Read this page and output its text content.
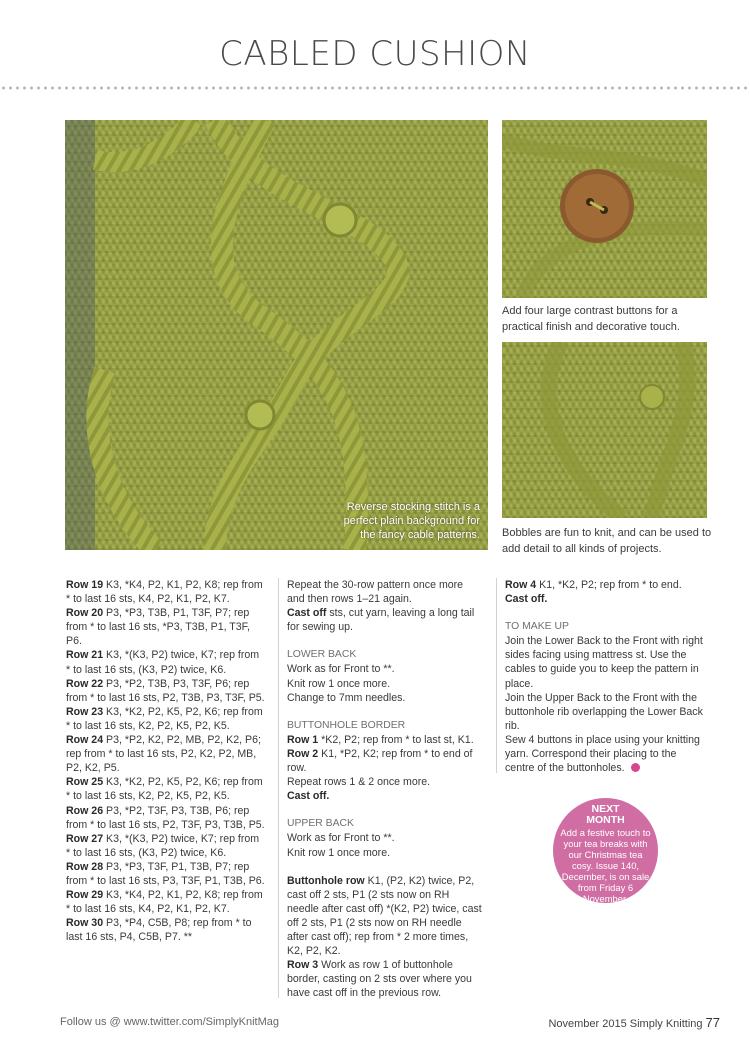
CABLED CUSHION
Reverse stocking stitch is a perfect plain background for the fancy cable patterns.
Add four large contrast buttons for a practical finish and decorative touch.
Bobbles are fun to knit, and can be used to add detail to all kinds of projects.

Row 19 K3, *K4, P2, K1, P2, K8; rep from * to last 16 sts, K4, P2, K1, P2, K7.

Row 20 P3, *P3, T3B, P1, T3F, P7; rep from * to last 16 sts, *P3, T3B, P1, T3F, P6.

Row 21 K3, *(K3, P2) twice, K7; rep from * to last 16 sts, (K3, P2) twice, K6.

Row 22 P3, *P2, T3B, P3, T3F, P6; rep from * to last 16 sts, P2, T3B, P3, T3F, P5.

Row 23 K3, *K2, P2, K5, P2, K6; rep from * to last 16 sts, K2, P2, K5, P2, K5.

Row 24 P3, *P2, K2, P2, MB, P2, K2, P6; rep from * to last 16 sts, P2, K2, P2, MB, P2, K2, P5.

Row 25 K3, *K2, P2, K5, P2, K6; rep from * to last 16 sts, K2, P2, K5, P2, K5.

Row 26 P3, *P2, T3F, P3, T3B, P6; rep from * to last 16 sts, P2, T3F, P3, T3B, P5.

Row 27 K3, *(K3, P2) twice, K7; rep from * to last 16 sts, (K3, P2) twice, K6.

Row 28 P3, *P3, T3F, P1, T3B, P7; rep from * to last 16 sts, P3, T3F, P1, T3B, P6.

Row 29 K3, *K4, P2, K1, P2, K8; rep from * to last 16 sts, K4, P2, K1, P2, K7.

Row 30 P3, *P4, C5B, P8; rep from * to last 16 sts, P4, C5B, P7. **

Repeat the 30-row pattern once more and then rows 1–21 again.

Cast off sts, cut yarn, leaving a long tail for sewing up.

LOWER BACK

Work as for Front to **.

Knit row 1 once more.

Change to 7mm needles.

BUTTONHOLE BORDER

Row 1 *K2, P2; rep from * to last st, K1.

Row 2 K1, *P2, K2; rep from * to end of row.

Repeat rows 1 & 2 once more.

Cast off.

UPPER BACK

Work as for Front to **.

Knit row 1 once more.

Buttonhole row K1, (P2, K2) twice, P2, cast off 2 sts, P1 (2 sts now on RH needle after cast off) *(K2, P2) twice, cast off 2 sts, P1 (2 sts now on RH needle after cast off); rep from * 2 more times, K2, P2, K2.

Row 3 Work as row 1 of buttonhole border, casting on 2 sts over where you have cast off in the previous row.

Row 4 K1, *K2, P2; rep from * to end.

Cast off.

TO MAKE UP

Join the Lower Back to the Front with right sides facing using mattress st. Use the cables to guide you to keep the pattern in place.

Join the Upper Back to the Front with the buttonhole rib overlapping the Lower Back rib.

Sew 4 buttons in place using your knitting yarn. Correspond their placing to the centre of the buttonholes.

NEXT
MONTH
Add a festive touch to your tea breaks with our Christmas tea cosy. Issue 140, December, is on sale from Friday 6 November.
Follow us @ www.twitter.com/SimplyKnitMag	November 2015 Simply Knitting 77
